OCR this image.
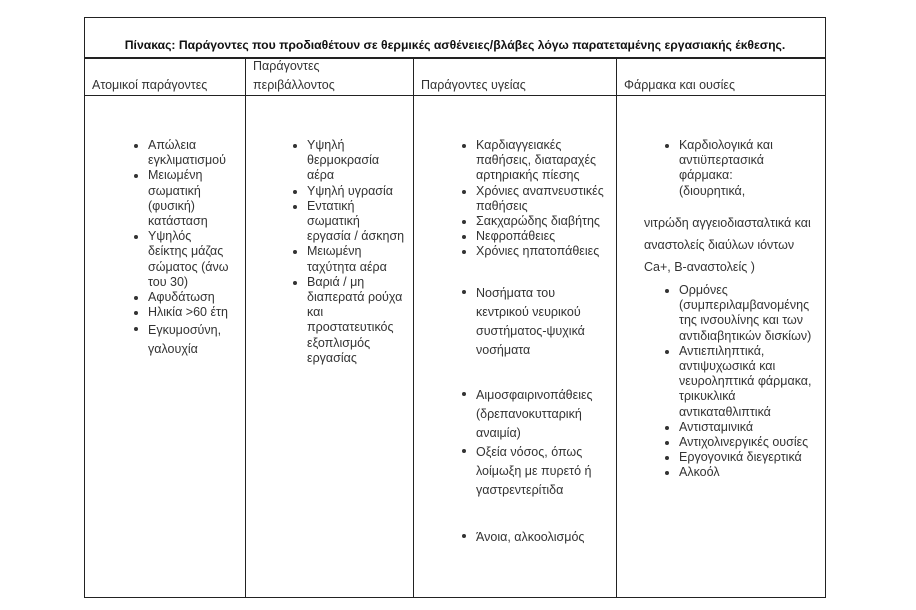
Πίνακας: Παράγοντες που προδιαθέτουν σε θερμικές ασθένειες/βλάβες λόγω παρατεταμένης εργασιακής έκθεσης.
Ατομικοί παράγοντες
Παράγοντες περιβάλλοντος	Παράγοντες υγείας	Φάρμακα και ουσίες
Απώλεια εγκλιματισμού
Μειωμένη σωματική (φυσική) κατάσταση
Υψηλός δείκτης μάζας σώματος (άνω του 30)
Αφυδάτωση
Ηλικία >60 έτη
Εγκυμοσύνη, γαλουχία
Υψηλή θερμοκρασία αέρα
Υψηλή υγρασία
Εντατική σωματική εργασία / άσκηση
Μειωμένη ταχύτητα αέρα
Βαριά / μη διαπερατά ρούχα και προστατευτικός εξοπλισμός εργασίας
Καρδιαγγειακές παθήσεις, διαταραχές αρτηριακής πίεσης
Χρόνιες αναπνευστικές παθήσεις
Σακχαρώδης διαβήτης
Νεφροπάθειες
Χρόνιες ηπατοπάθειες
Νοσήματα του κεντρικού νευρικού συστήματος-ψυχικά νοσήματα
Αιμοσφαιρινοπάθειες (δρεπανοκυτταρική αναιμία)
Οξεία νόσος, όπως λοίμωξη με πυρετό ή γαστρεντερίτιδα
Άνοια, αλκοολισμός
Καρδιολογικά και αντιϋπερτασικά φάρμακα: (διουρητικά,
νιτρώδη αγγειοδιασταλτικά και αναστολείς διαύλων ιόντων Ca+, Β-αναστολείς )
Ορμόνες (συμπεριλαμβανομένης της ινσουλίνης και των αντιδιαβητικών δισκίων)
Αντιεπιληπτικά, αντιψυχωσικά και νευροληπτικά φάρμακα, τρικυκλικά αντικαταθλιπτικά
Αντισταμινικά
Αντιχολινεργικές ουσίες
Εργογονικά διεγερτικά
Αλκοόλ
